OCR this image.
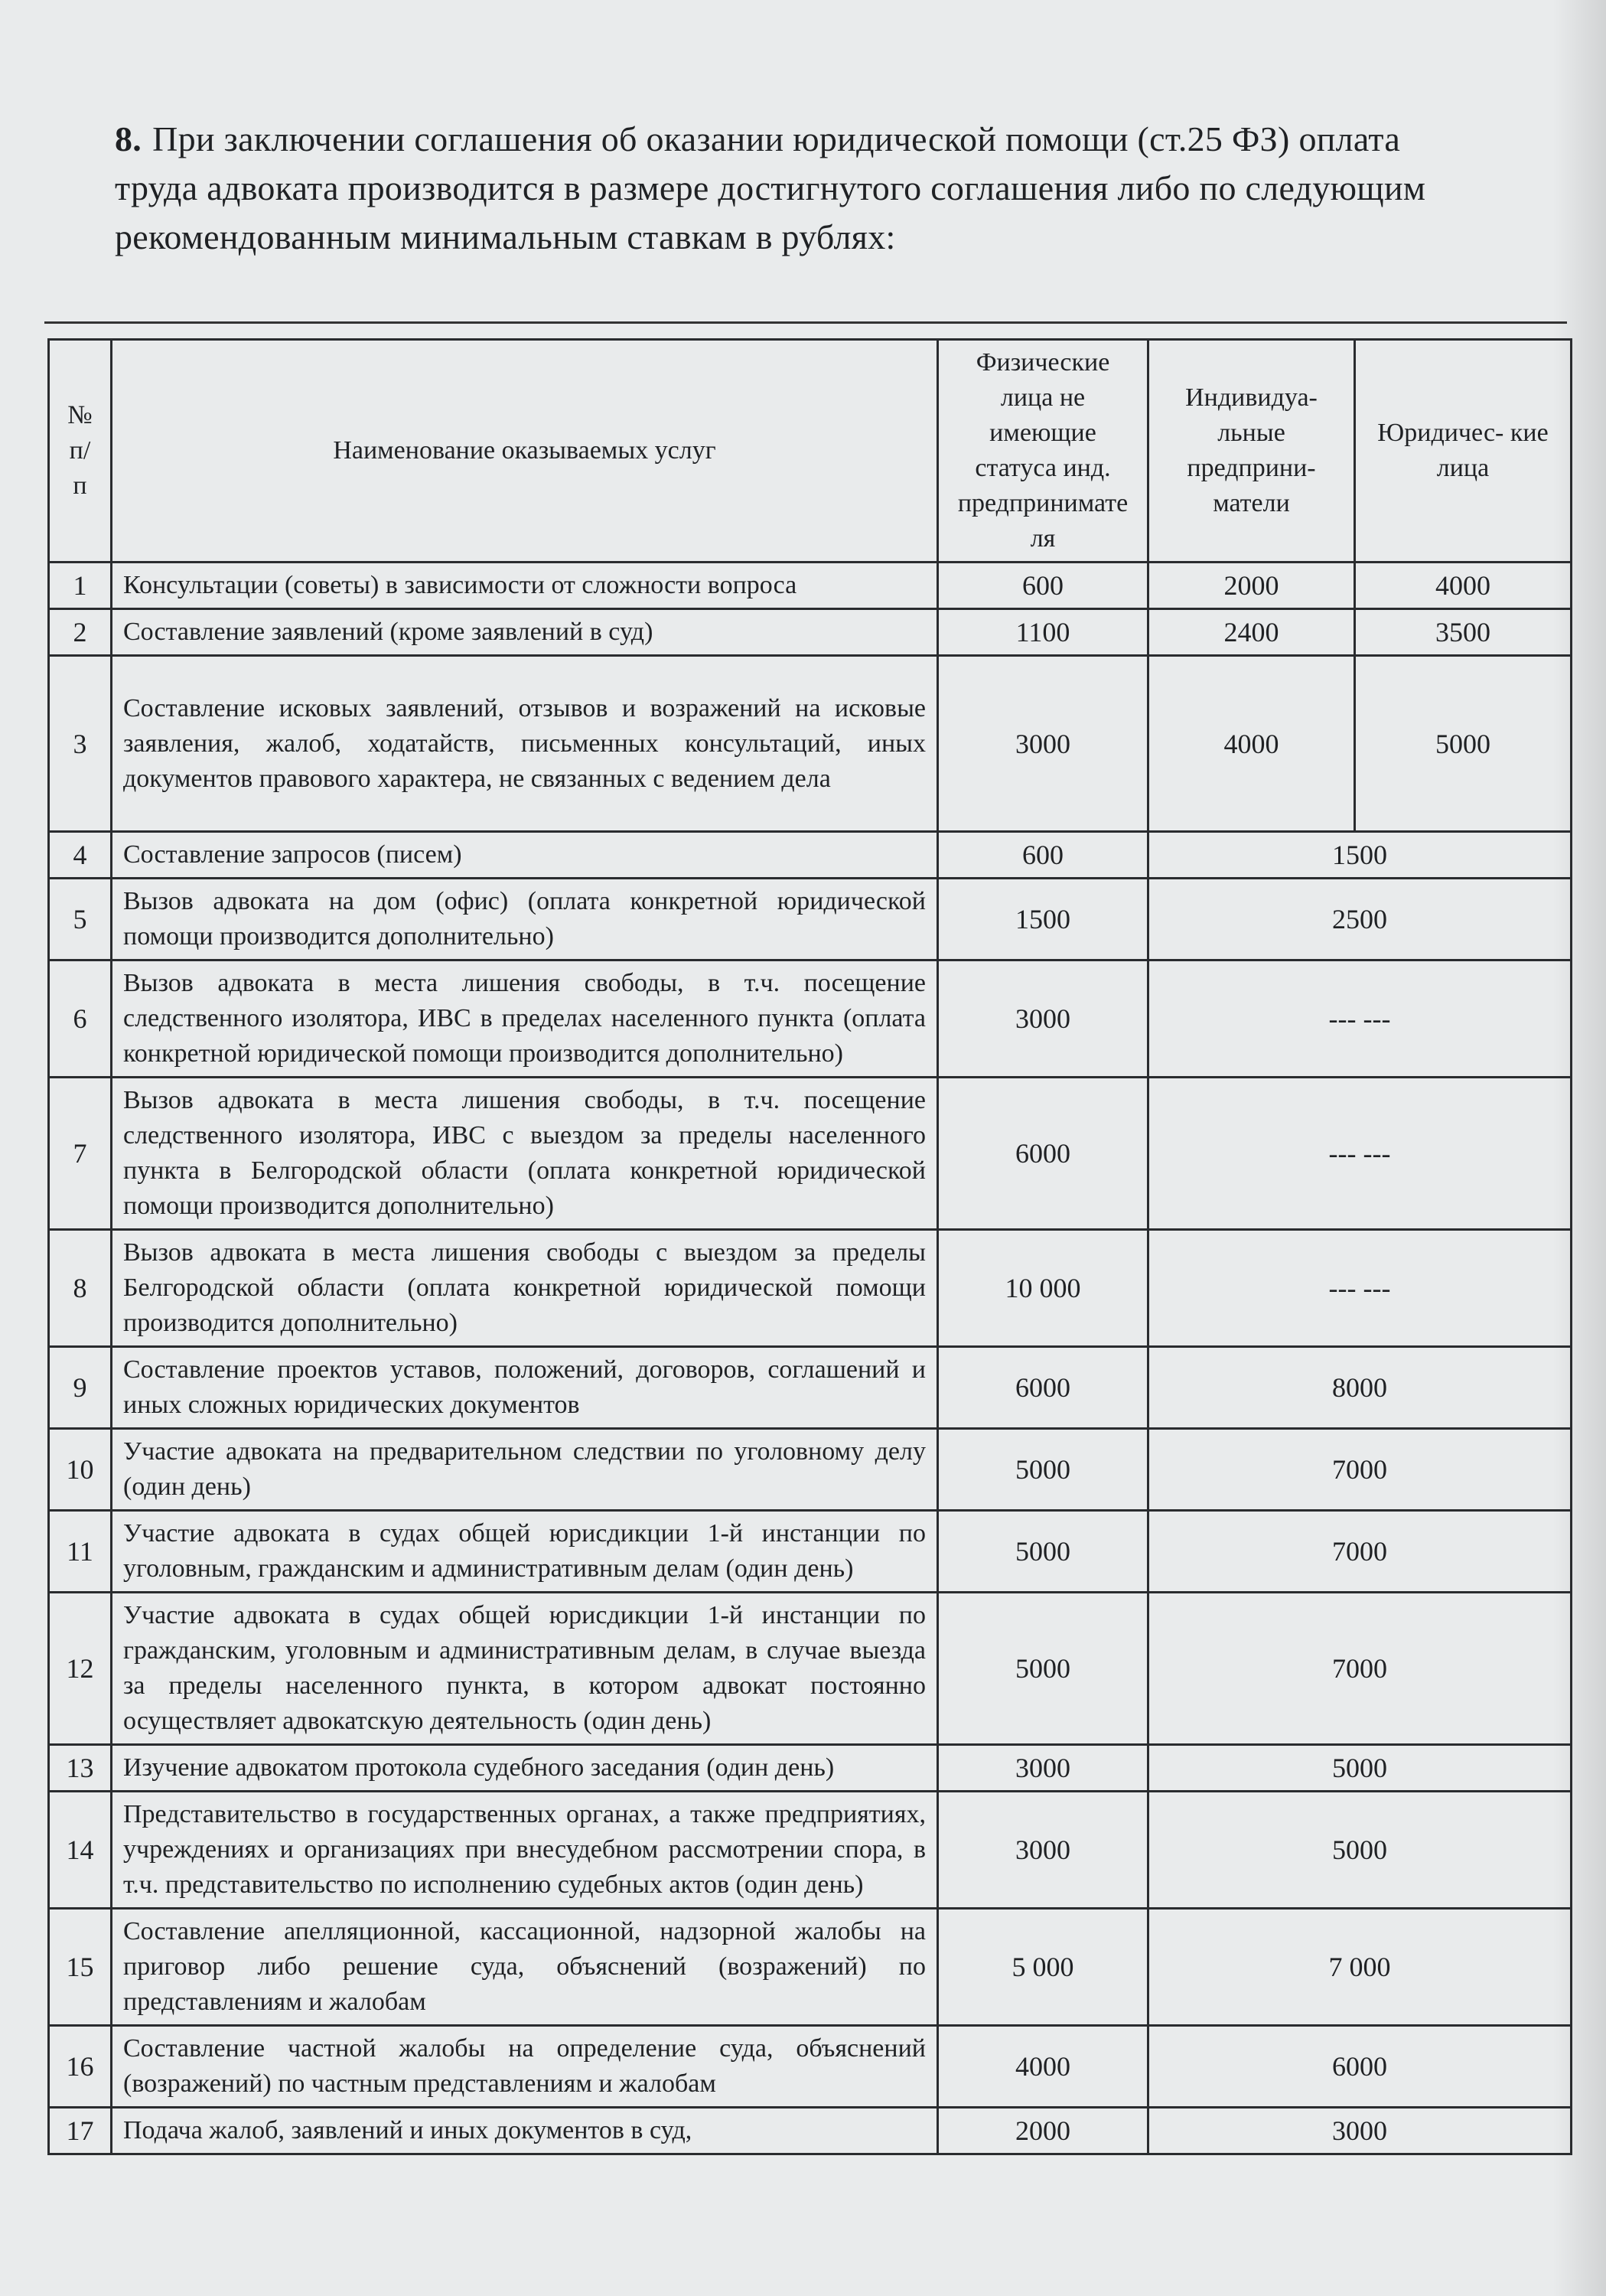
8. При заключении соглашения об оказании юридической помощи (ст.25 ФЗ) оплата
труда адвоката производится в размере достигнутого соглашения либо по следующим
рекомендованным минимальным ставкам в рублях:
№ п/ п	Наименование оказываемых услуг	Физические лица не имеющие статуса инд. предпринимате ля	Индивидуа- льные предприни- матели	Юридичес- кие лица
1	Консультации (советы) в зависимости от сложности вопроса	600	2000	4000
2	Составление заявлений (кроме заявлений в суд)	1100	2400	3500
3	Составление исковых заявлений, отзывов и возражений на исковые заявления, жалоб, ходатайств, письменных консультаций, иных документов правового характера, не связанных с ведением дела	3000	4000	5000
4	Составление запросов (писем)	600	1500	
5	Вызов адвоката на дом (офис) (оплата конкретной юридической помощи производится дополнительно)	1500	2500	
6	Вызов адвоката в места лишения свободы, в т.ч. посещение следственного изолятора, ИВС в пределах населенного пункта (оплата конкретной юридической помощи производится дополнительно)	3000	--- ---	
7	Вызов адвоката в места лишения свободы, в т.ч. посещение следственного изолятора, ИВС с выездом за пределы населенного пункта в Белгородской области (оплата конкретной юридической помощи производится дополнительно)	6000	--- ---	
8	Вызов адвоката в места лишения свободы с выездом за пределы Белгородской области (оплата конкретной юридической помощи производится дополнительно)	10 000	--- ---	
9	Составление проектов уставов, положений, договоров, соглашений и иных сложных юридических документов	6000	8000	
10	Участие адвоката на предварительном следствии по уголовному делу (один день)	5000	7000	
11	Участие адвоката в судах общей юрисдикции 1-й инстанции по уголовным, гражданским и административным делам (один день)	5000	7000	
12	Участие адвоката в судах общей юрисдикции 1-й инстанции по гражданским, уголовным и административным делам, в случае выезда за пределы населенного пункта, в котором адвокат постоянно осуществляет адвокатскую деятельность (один день)	5000	7000	
13	Изучение адвокатом протокола судебного заседания (один день)	3000	5000	
14	Представительство в государственных органах, а также предприятиях, учреждениях и организациях при внесудебном рассмотрении спора, в т.ч. представительство по исполнению судебных актов (один день)	3000	5000	
15	Составление апелляционной, кассационной, надзорной жалобы на приговор либо решение суда, объяснений (возражений) по представлениям и жалобам	5 000	7 000	
16	Составление частной жалобы на определение суда, объяснений (возражений) по частным представлениям и жалобам	4000	6000	
17	Подача жалоб, заявлений и иных документов в суд,	2000	3000	
